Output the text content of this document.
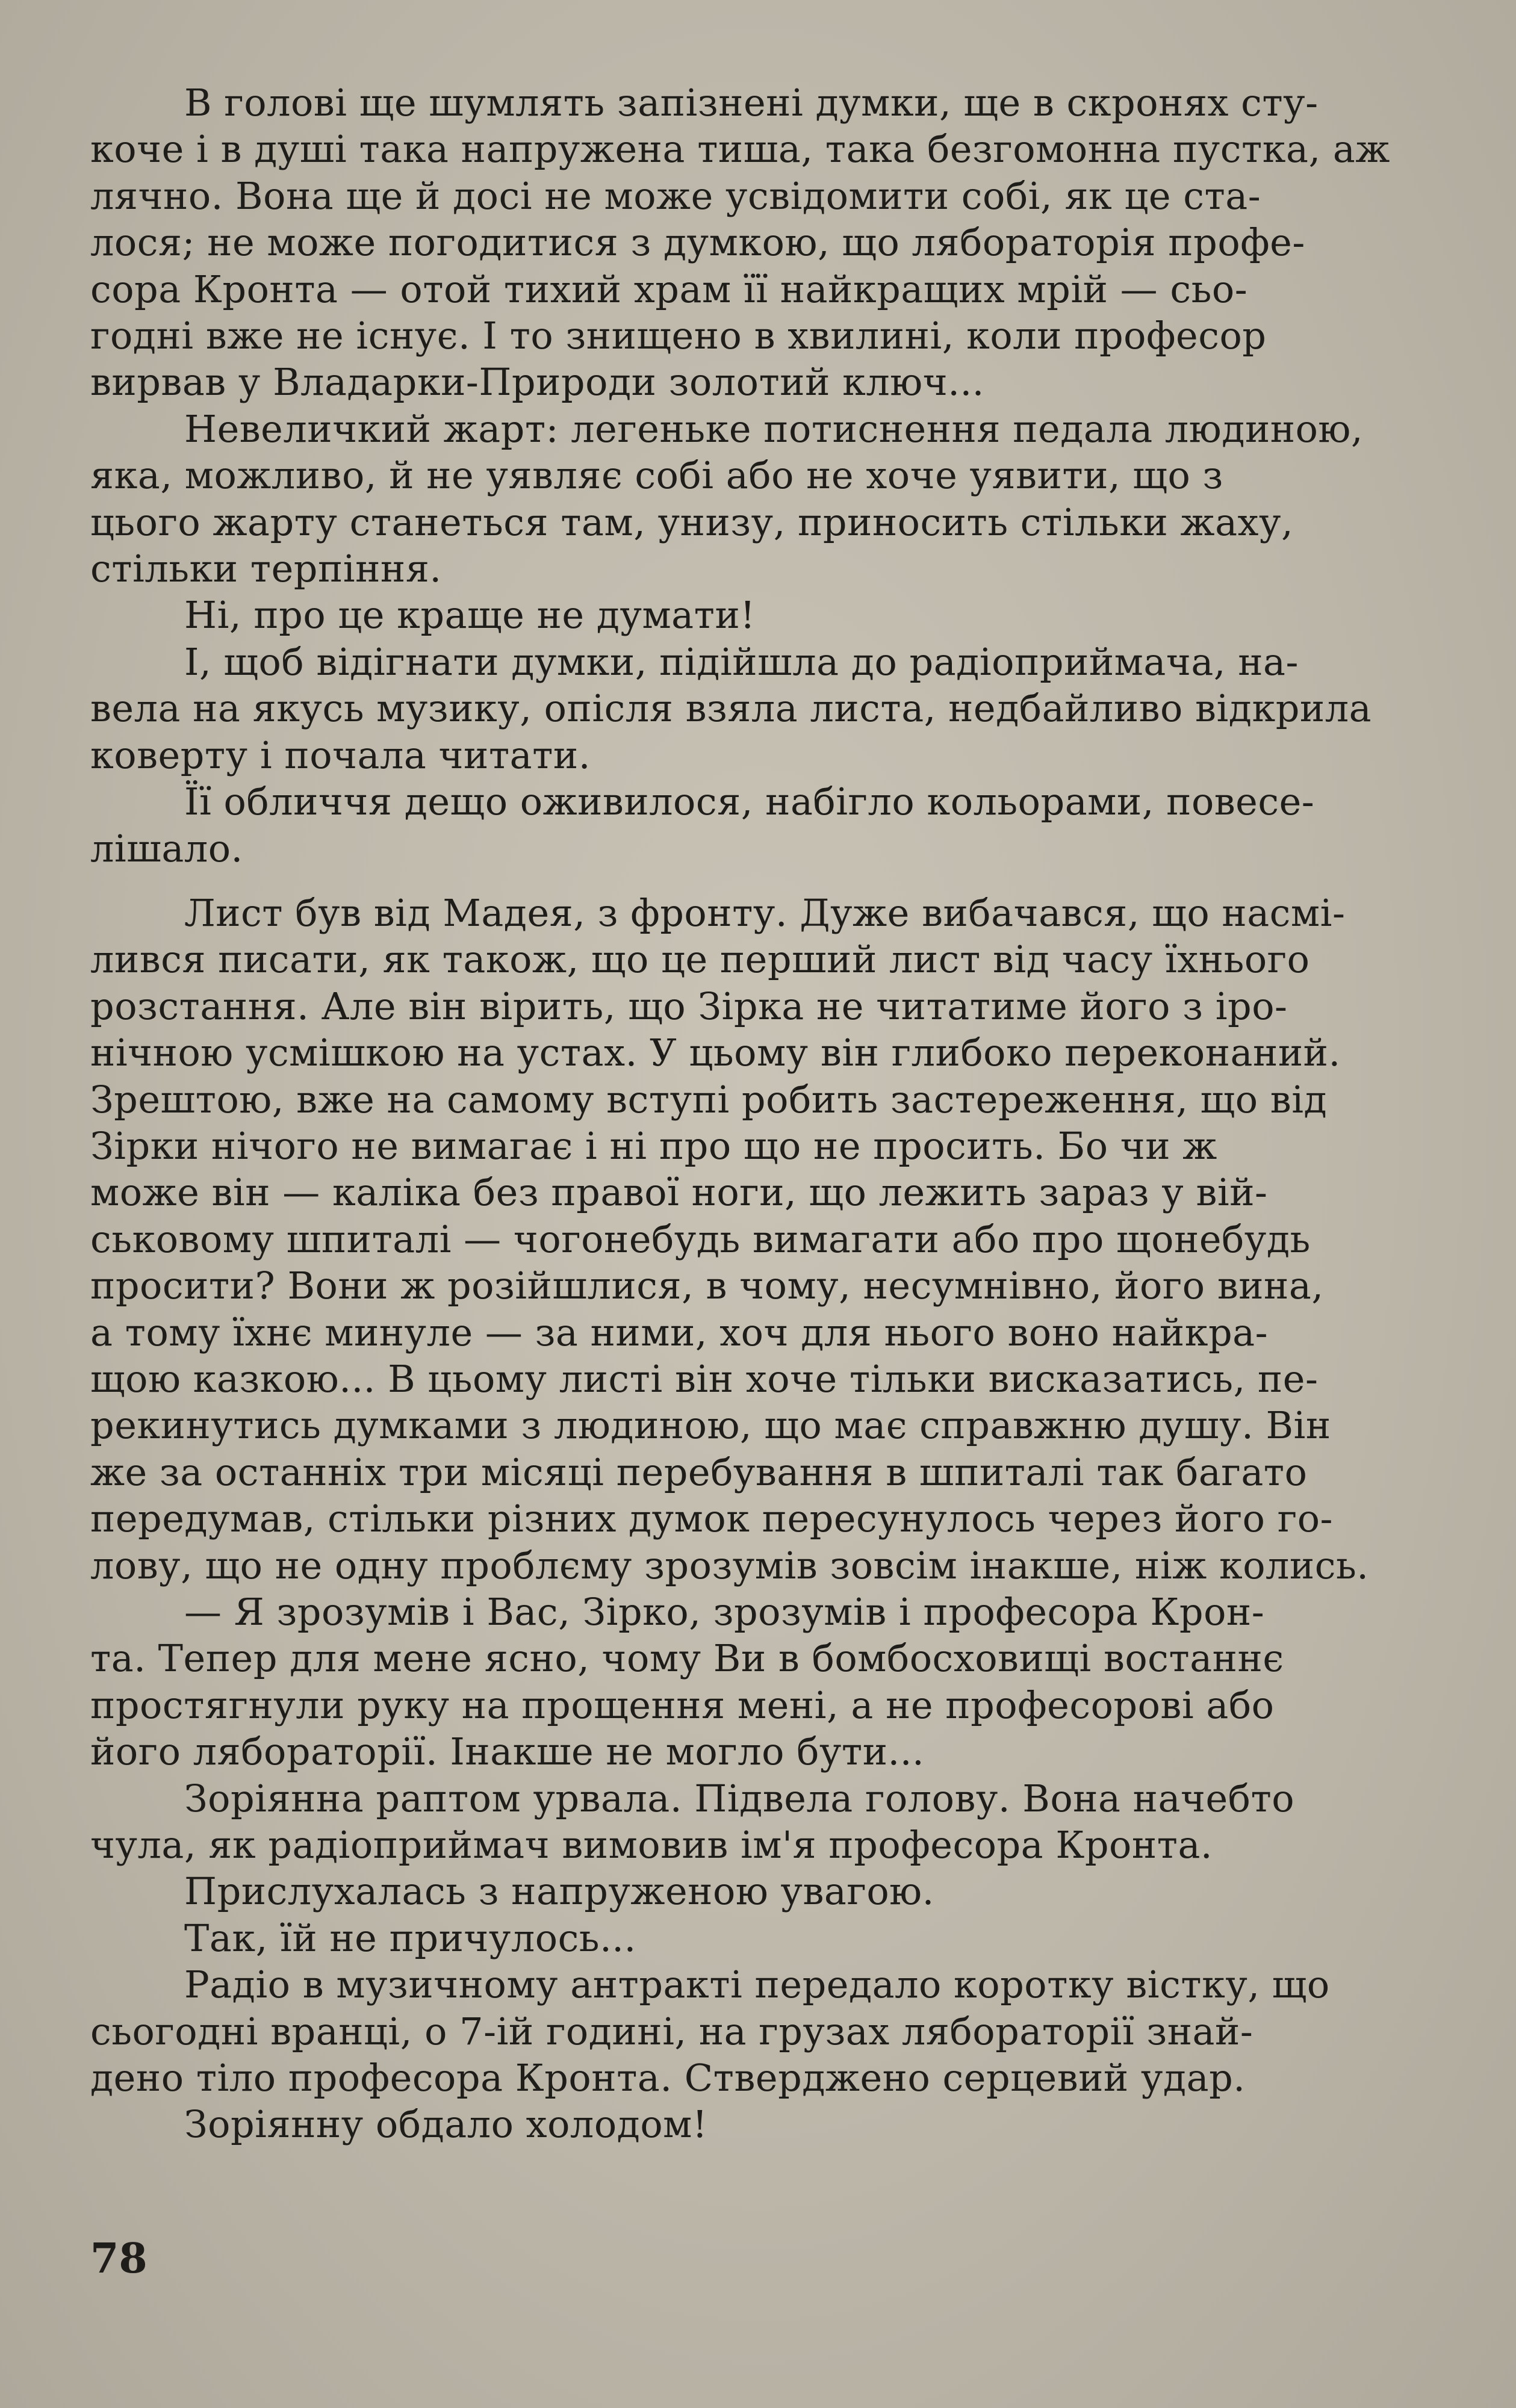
В голові ще шумлять запізнені думки, ще в скронях сту-
коче і в душі така напружена тиша, така безгомонна пустка, аж
лячно. Вона ще й досі не може усвідомити собі, як це ста-
лося; не може погодитися з думкою, що лябораторія профе-
сора Кронта — отой тихий храм її найкращих мрій — сьо-
годні вже не існує. І то знищено в хвилині, коли професор
вирвав у Владарки-Природи золотий ключ...

Невеличкий жарт: легеньке потиснення педала людиною,
яка, можливо, й не уявляє собі або не хоче уявити, що з
цього жарту станеться там, унизу, приносить стільки жаху,
стільки терпіння.

Ні, про це краще не думати!

І, щоб відігнати думки, підійшла до радіоприймача, на-
вела на якусь музику, опісля взяла листа, недбайливо відкрила
коверту і почала читати.

Її обличчя дещо оживилося, набігло кольорами, повесе-
лішало.

Лист був від Мадея, з фронту. Дуже вибачався, що насмі-
лився писати, як також, що це перший лист від часу їхнього
розстання. Але він вірить, що Зірка не читатиме його з іро-
нічною усмішкою на устах. У цьому він глибоко переконаний.
Зрештою, вже на самому вступі робить застереження, що від
Зірки нічого не вимагає і ні про що не просить. Бо чи ж
може він — каліка без правої ноги, що лежить зараз у вій-
ськовому шпиталі — чогонебудь вимагати або про щонебудь
просити? Вони ж розійшлися, в чому, несумнівно, його вина,
а тому їхнє минуле — за ними, хоч для нього воно найкра-
щою казкою... В цьому листі він хоче тільки висказатись, пе-
рекинутись думками з людиною, що має справжню душу. Він
же за останніх три місяці перебування в шпиталі так багато
передумав, стільки різних думок пересунулось через його го-
лову, що не одну проблєму зрозумів зовсім інакше, ніж колись.

— Я зрозумів і Вас, Зірко, зрозумів і професора Крон-
та. Тепер для мене ясно, чому Ви в бомбосховищі востаннє
простягнули руку на прощення мені, а не професорові або
його лябораторії. Інакше не могло бути...

Зоріянна раптом урвала. Підвела голову. Вона начебто
чула, як радіоприймач вимовив ім'я професора Кронта.

Прислухалась з напруженою увагою.

Так, їй не причулось...

Радіо в музичному антракті передало коротку вістку, що
сьогодні вранці, о 7-ій годині, на грузах лябораторії знай-
дено тіло професора Кронта. Стверджено серцевий удар.

Зоріянну обдало холодом!

78
